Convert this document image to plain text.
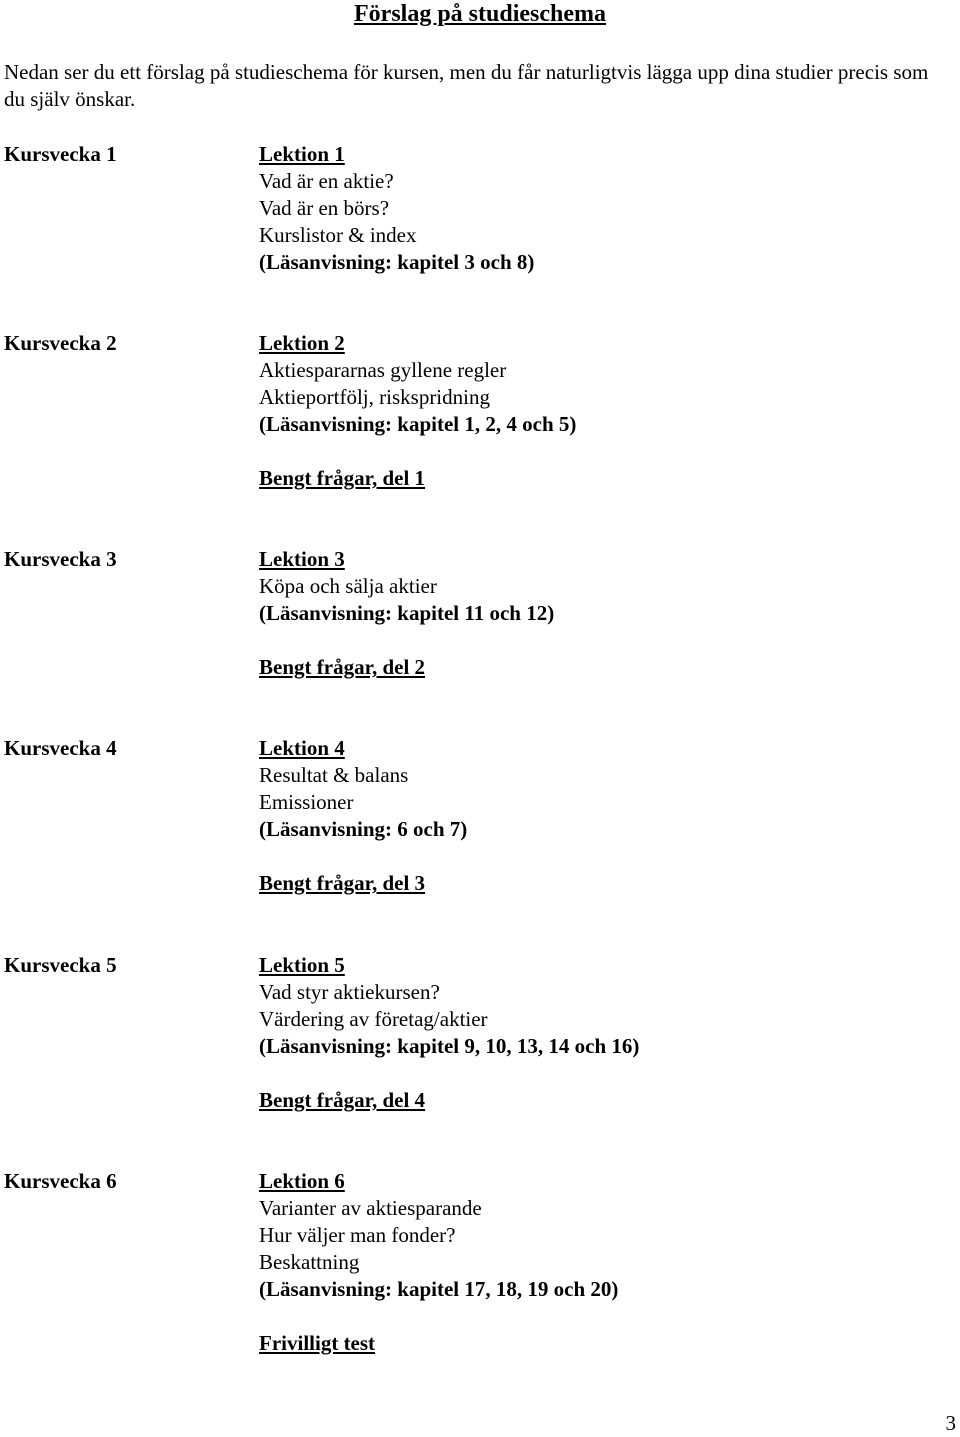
Förslag på studieschema
Nedan ser du ett förslag på studieschema för kursen, men du får naturligtvis lägga upp dina studier precis som du själv önskar.
Kursvecka 1	Lektion 1
Vad är en aktie?
Vad är en börs?
Kurslistor & index
(Läsanvisning: kapitel 3 och 8)
Kursvecka 2	Lektion 2
Aktiespararnas gyllene regler
Aktieportfölj, riskspridning
(Läsanvisning: kapitel 1, 2, 4 och 5)
Bengt frågar, del 1
Kursvecka 3	Lektion 3
Köpa och sälja aktier
(Läsanvisning: kapitel 11 och 12)
Bengt frågar, del 2
Kursvecka 4	Lektion 4
Resultat & balans
Emissioner
(Läsanvisning: 6 och 7)
Bengt frågar, del 3
Kursvecka 5	Lektion 5
Vad styr aktiekursen?
Värdering av företag/aktier
(Läsanvisning: kapitel 9, 10, 13, 14 och 16)
Bengt frågar, del 4
Kursvecka 6	Lektion 6
Varianter av aktiesparande
Hur väljer man fonder?
Beskattning
(Läsanvisning: kapitel 17, 18, 19 och 20)
Frivilligt test
3
